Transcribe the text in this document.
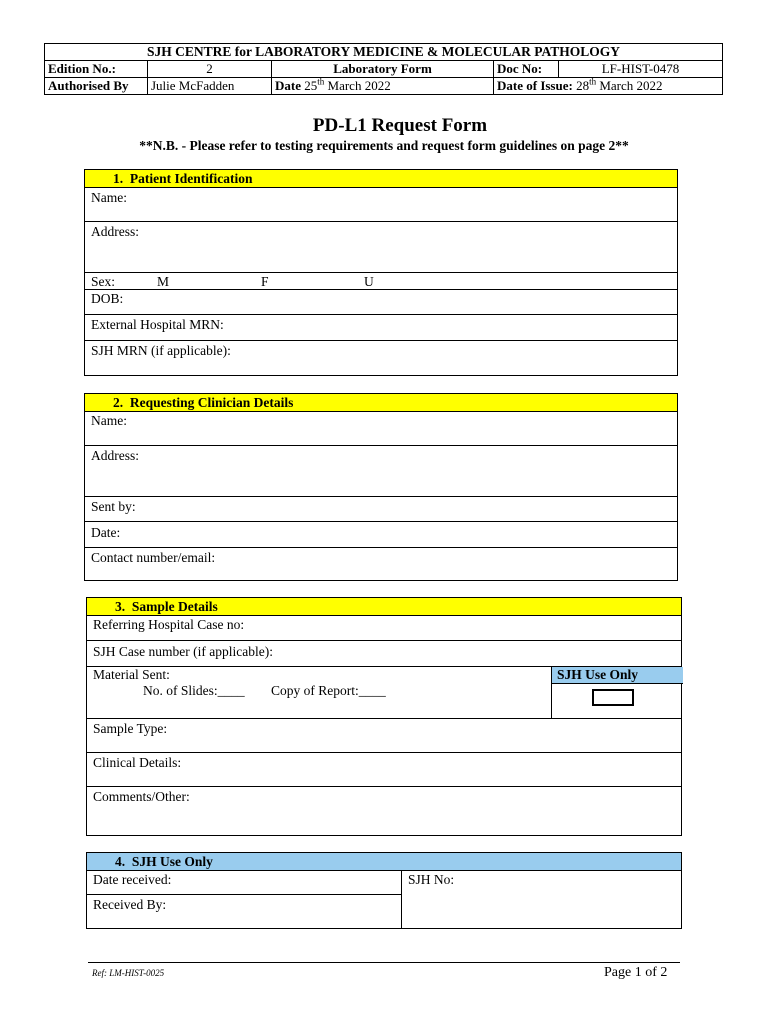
SJH CENTRE for LABORATORY MEDICINE & MOLECULAR PATHOLOGY				
Edition No.:	2	Laboratory Form	Doc No:	LF-HIST-0478
Authorised By	Julie McFadden	Date 25th March 2022	Date of Issue: 28th March 2022	
PD-L1 Request Form
**N.B. - Please refer to testing requirements and request form guidelines on page 2**
1. Patient Identification
Name:
Address:
Sex:	M	F	U
DOB:
External Hospital MRN:
SJH MRN (if applicable):
2. Requesting Clinician Details
Name:
Address:
Sent by:
Date:
Contact number/email:
3. Sample Details
Referring Hospital Case no:
SJH Case number (if applicable):
Material Sent:
No. of Slides:____ Copy of Report:____
SJH Use Only
Sample Type:
Clinical Details:
Comments/Other:
4. SJH Use Only
Date received:
Received By:
SJH No:
Ref: LM-HIST-0025	Page 1 of 2
